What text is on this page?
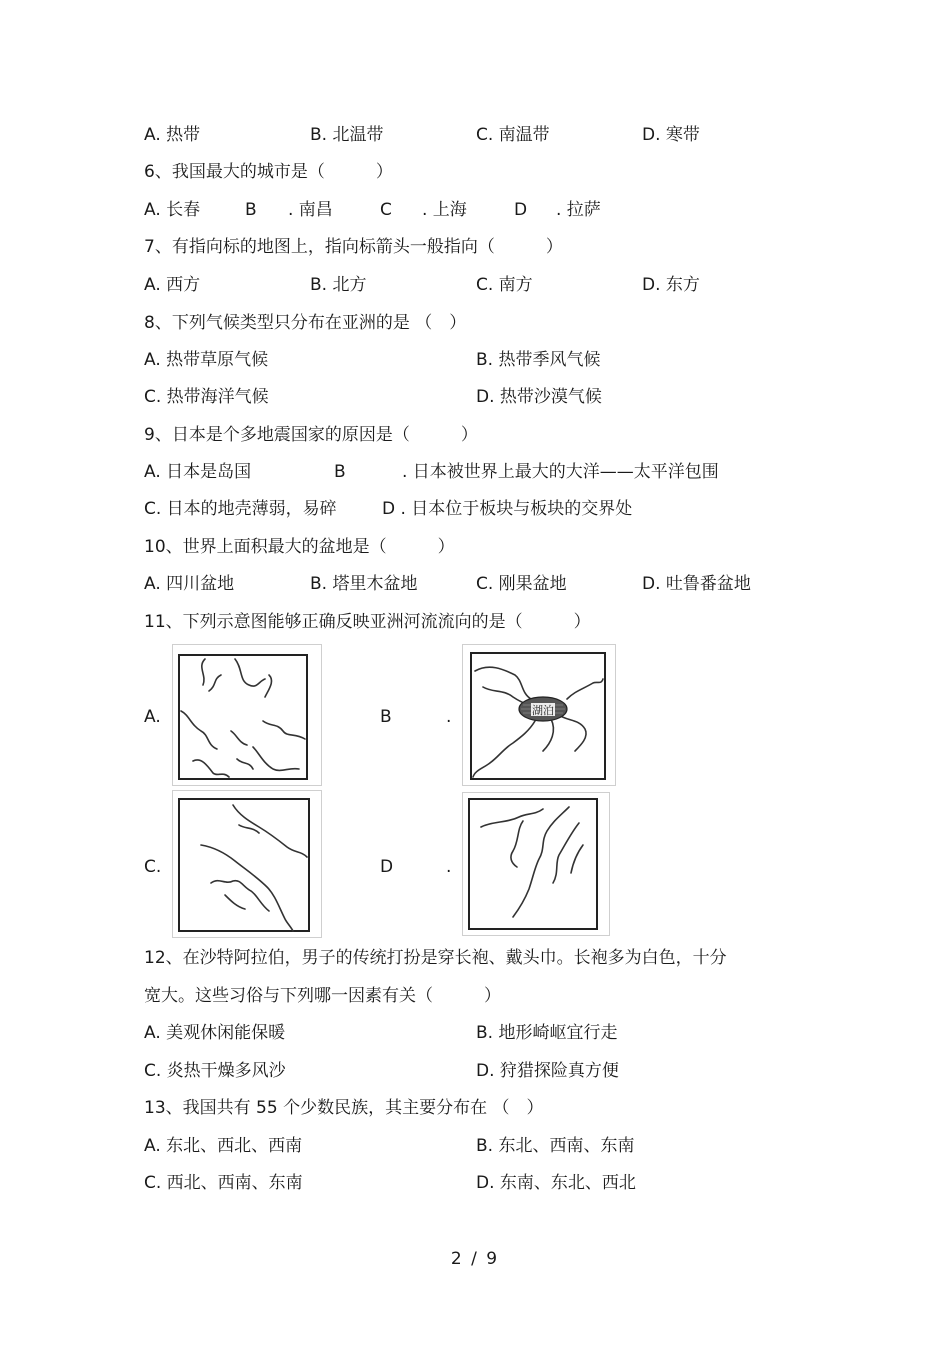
A. 热带	B. 北温带	C. 南温带	D. 寒带
6、我国最大的城市是（　　　）
A. 长春	B . 南昌	C . 上海	D . 拉萨
7、有指向标的地图上，指向标箭头一般指向（　　　）
A. 西方	B. 北方	C. 南方	D. 东方
8、下列气候类型只分布在亚洲的是 （　）
A. 热带草原气候	B. 热带季风气候
C. 热带海洋气候	D. 热带沙漠气候
9、日本是个多地震国家的原因是（　　　）
A. 日本是岛国	B	. 日本被世界上最大的大洋——太平洋包围
C. 日本的地壳薄弱，易碎	D . 日本位于板块与板块的交界处
10、世界上面积最大的盆地是（　　　）
A. 四川盆地	B. 塔里木盆地	C. 刚果盆地	D. 吐鲁番盆地
11、下列示意图能够正确反映亚洲河流流向的是（　　　）
A.	B	.	湖泊
C.	D	.
12、在沙特阿拉伯，男子的传统打扮是穿长袍、戴头巾。长袍多为白色，十分
宽大。这些习俗与下列哪一因素有关（　　　）
A. 美观休闲能保暖	B. 地形崎岖宜行走
C. 炎热干燥多风沙	D. 狩猎探险真方便
13、我国共有 55 个少数民族，其主要分布在 （　）
A. 东北、西北、西南	B. 东北、西南、东南
C. 西北、西南、东南	D. 东南、东北、西北
2 / 9
